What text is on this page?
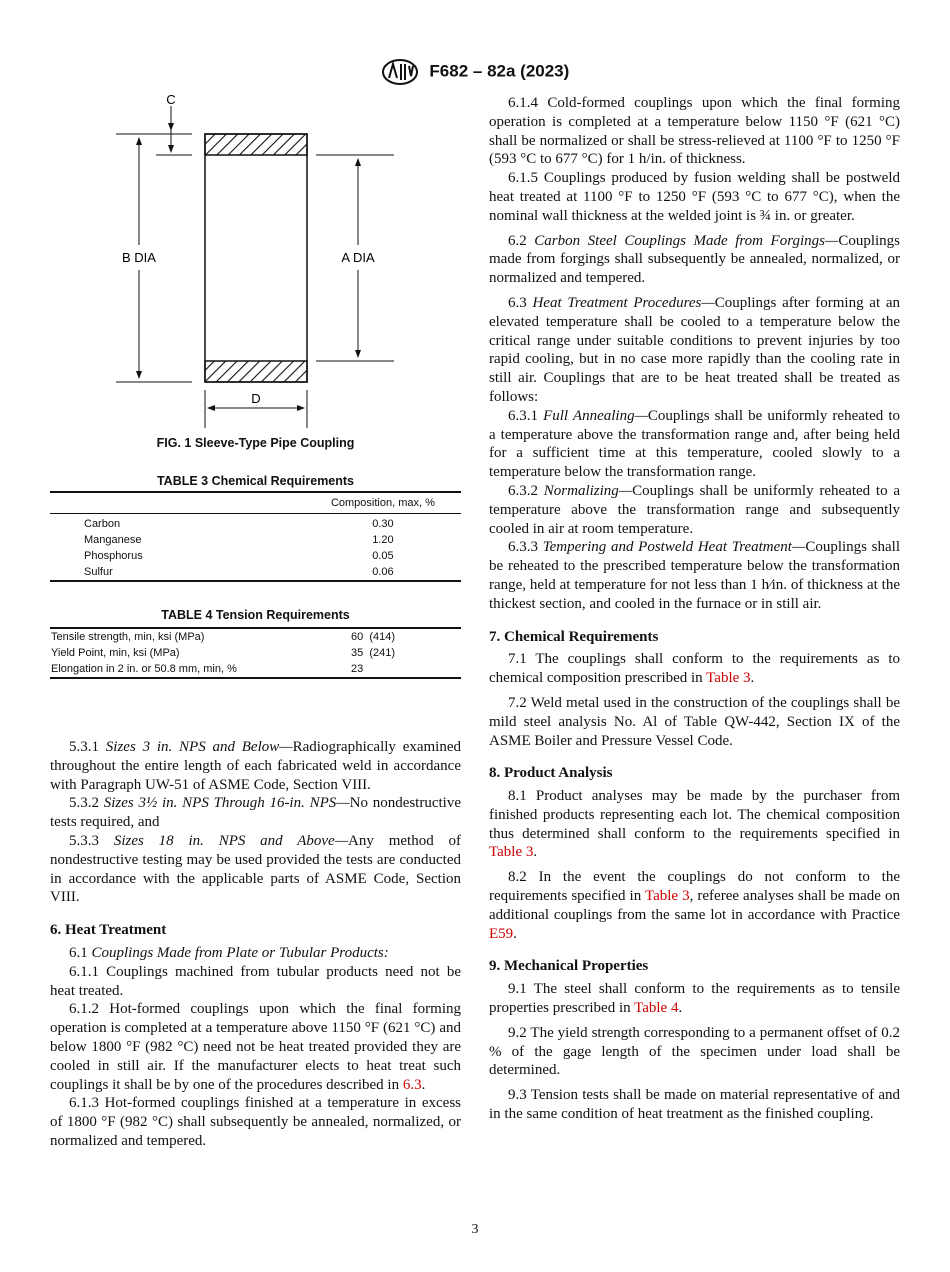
F682 – 82a (2023)
C
B DIA	A DIA
D
FIG. 1 Sleeve-Type Pipe Coupling
TABLE 3 Chemical Requirements
	Composition, max, %
Carbon	0.30
Manganese	1.20
Phosphorus	0.05
Sulfur	0.06
TABLE 4 Tension Requirements
Tensile strength, min, ksi (MPa)	60  (414)
Yield Point, min, ksi (MPa)	35  (241)
Elongation in 2 in. or 50.8 mm, min, %	23

5.3.1 Sizes 3 in. NPS and Below—Radiographically examined throughout the entire length of each fabricated weld in accordance with Paragraph UW-51 of ASME Code, Section VIII.

5.3.2 Sizes 3½ in. NPS Through 16-in. NPS—No nondestructive tests required, and

5.3.3 Sizes 18 in. NPS and Above—Any method of nondestructive testing may be used provided the tests are conducted in accordance with the applicable parts of ASME Code, Section VIII.

6. Heat Treatment

6.1 Couplings Made from Plate or Tubular Products:

6.1.1 Couplings machined from tubular products need not be heat treated.

6.1.2 Hot-formed couplings upon which the final forming operation is completed at a temperature above 1150 °F (621 °C) and below 1800 °F (982 °C) need not be heat treated provided they are cooled in still air. If the manufacturer elects to heat treat such couplings it shall be by one of the procedures described in 6.3.

6.1.3 Hot-formed couplings finished at a temperature in excess of 1800 °F (982 °C) shall subsequently be annealed, normalized, or normalized and tempered.

6.1.4 Cold-formed couplings upon which the final forming operation is completed at a temperature below 1150 °F (621 °C) shall be normalized or shall be stress-relieved at 1100 °F to 1250 °F (593 °C to 677 °C) for 1 h/in. of thickness.

6.1.5 Couplings produced by fusion welding shall be postweld heat treated at 1100 °F to 1250 °F (593 °C to 677 °C), when the nominal wall thickness at the welded joint is ¾ in. or greater.

6.2 Carbon Steel Couplings Made from Forgings—Couplings made from forgings shall subsequently be annealed, normalized, or normalized and tempered.

6.3 Heat Treatment Procedures—Couplings after forming at an elevated temperature shall be cooled to a temperature below the critical range under suitable conditions to prevent injuries by too rapid cooling, but in no case more rapidly than the cooling rate in still air. Couplings that are to be heat treated shall be treated as follows:

6.3.1 Full Annealing—Couplings shall be uniformly reheated to a temperature above the transformation range and, after being held for a sufficient time at this temperature, cooled slowly to a temperature below the transformation range.

6.3.2 Normalizing—Couplings shall be uniformly reheated to a temperature above the transformation range and subsequently cooled in air at room temperature.

6.3.3 Tempering and Postweld Heat Treatment—Couplings shall be reheated to the prescribed temperature below the transformation range, held at temperature for not less than 1 h⁄in. of thickness at the thickest section, and cooled in the furnace or in still air.

7. Chemical Requirements

7.1 The couplings shall conform to the requirements as to chemical composition prescribed in Table 3.

7.2 Weld metal used in the construction of the couplings shall be mild steel analysis No. Al of Table QW-442, Section IX of the ASME Boiler and Pressure Vessel Code.

8. Product Analysis

8.1 Product analyses may be made by the purchaser from finished products representing each lot. The chemical composition thus determined shall conform to the requirements specified in Table 3.

8.2 In the event the couplings do not conform to the requirements specified in Table 3, referee analyses shall be made on additional couplings from the same lot in accordance with Practice E59.

9. Mechanical Properties

9.1 The steel shall conform to the requirements as to tensile properties prescribed in Table 4.

9.2 The yield strength corresponding to a permanent offset of 0.2 % of the gage length of the specimen under load shall be determined.

9.3 Tension tests shall be made on material representative of and in the same condition of heat treatment as the finished coupling.

3
